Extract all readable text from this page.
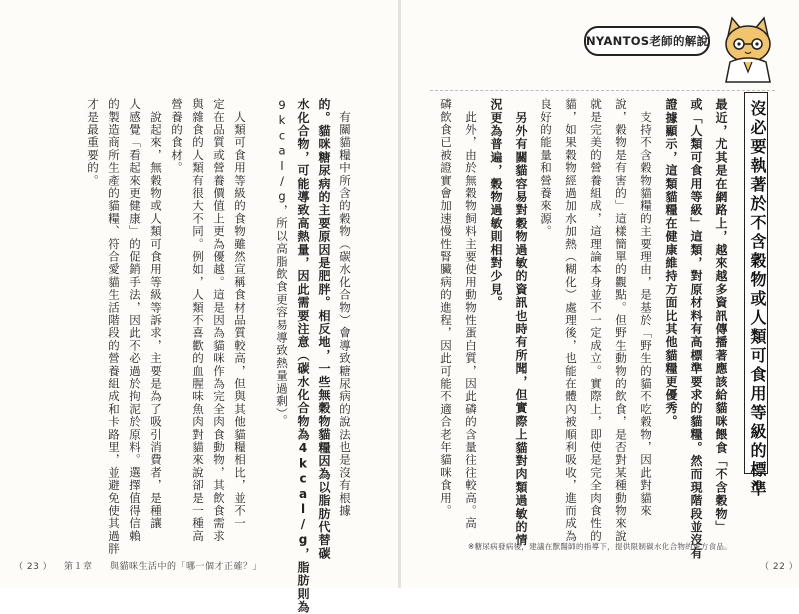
NYANTOS老師的解說
沒必要執著於不含穀物或人類可食用等級的標準
最近，尤其是在網路上，越來越多資訊傳播著應該給貓咪餵食「不含穀物」
或「人類可食用等級」這類，對原材料有高標準要求的貓糧。然而現階段並沒有
證據顯示，這類貓糧在健康維持方面比其他貓糧更優秀。
　支持不含穀物貓糧的主要理由，是基於「野生的貓不吃穀物，因此對貓來
說，穀物是有害的」這樣簡單的觀點。但野生動物的飲食，是否對某種動物來說
就是完美的營養組成，這理論本身並不一定成立。實際上，即使是完全肉食性的
貓，如果穀物經過加水加熱（糊化）處理後，也能在體內被順利吸收，進而成為
良好的能量和營養來源。
　另外有關貓容易對穀物過敏的資訊也時有所聞，但實際上貓對肉類過敏的情
況更為普遍，穀物過敏則相對少見。
　此外，由於無穀物飼料主要使用動物性蛋白質，因此磷的含量往往較高。高
磷飲食已被證實會加速慢性腎臟病的進程，因此可能不適合老年貓咪食用。
　有關貓糧中所含的穀物（碳水化合物）會導致糖尿病的說法也是沒有根據
的。貓咪糖尿病的主要原因是肥胖。相反地，一些無穀物貓糧因為以脂肪代替碳
水化合物，可能導致高熱量，因此需要注意（碳水化合物為4kcal/g，脂肪則為
9kcal/g，所以高脂飲食更容易導致熱量過剩）。
　人類可食用等級的食物雖然宣稱食材品質較高，但與其他貓糧相比，並不一
定在品質或營養價值上更為優越。這是因為貓咪作為完全肉食動物，其飲食需求
與雜食的人類有很大不同。例如，人類不喜歡的血腥味魚肉對貓來說卻是一種高
營養的食材。
　說起來，無穀物或人類可食用等級等訴求，主要是為了吸引消費者，是種讓
人感覺「看起來更健康」的促銷手法，因此不必過於拘泥於原料。選擇值得信賴
的製造商所生產的貓糧、符合愛貓生活階段的營養組成和卡路里，並避免使其過胖
才是最重要的。
※糖尿病發病後，建議在獸醫師的指導下，提供限制碳水化合物的處方食品。
（ 22 ）
（ 23 ） 第１章 與貓咪生活中的「哪一個才正確？」
